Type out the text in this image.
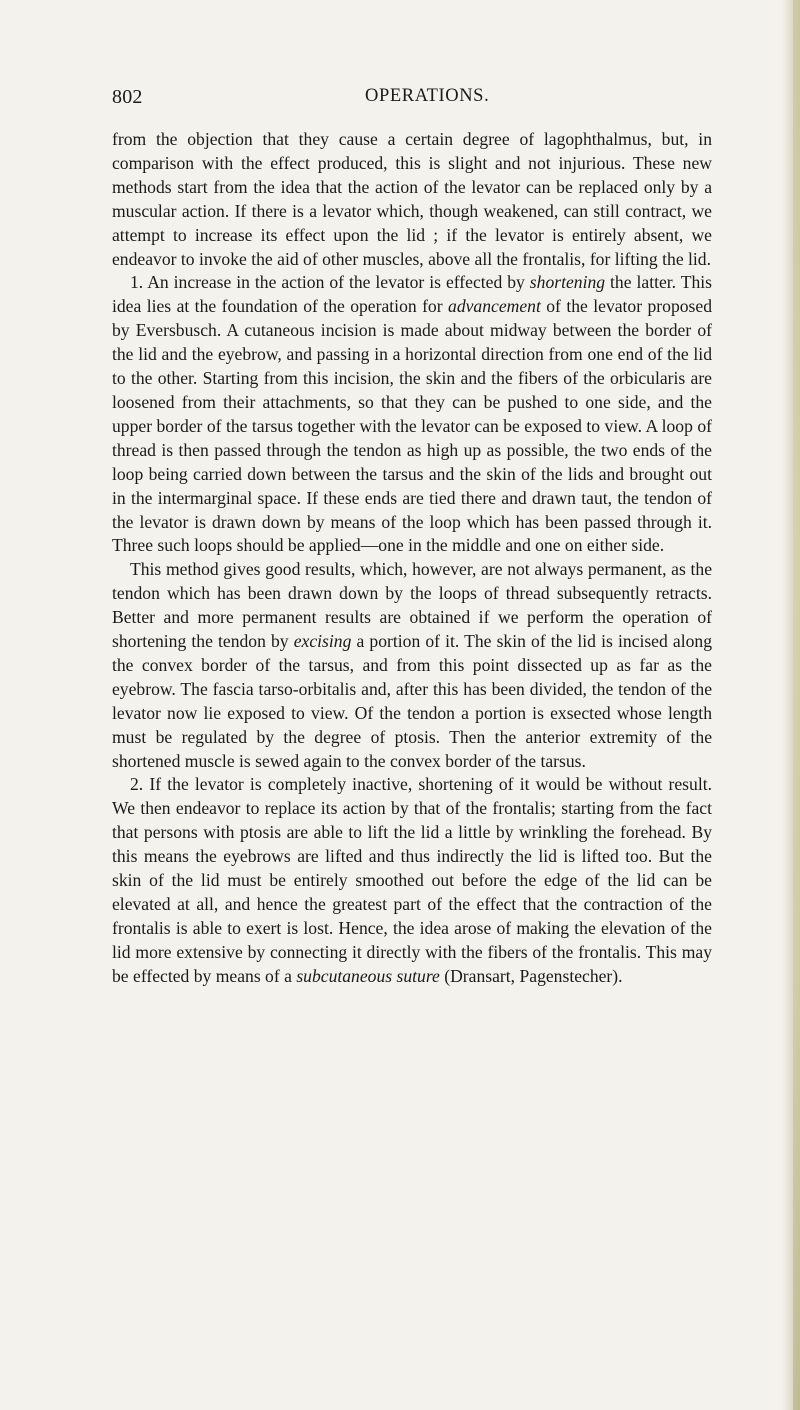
802	OPERATIONS.

from the objection that they cause a certain degree of lagophthalmus, but, in comparison with the effect produced, this is slight and not injurious. These new methods start from the idea that the action of the levator can be replaced only by a muscular action. If there is a levator which, though weakened, can still contract, we attempt to increase its effect upon the lid ; if the levator is entirely absent, we endeavor to invoke the aid of other muscles, above all the frontalis, for lifting the lid.

1. An increase in the action of the levator is effected by shortening the latter. This idea lies at the foundation of the operation for advancement of the levator proposed by Eversbusch. A cutaneous incision is made about midway between the border of the lid and the eyebrow, and passing in a horizontal direction from one end of the lid to the other. Starting from this incision, the skin and the fibers of the orbicularis are loosened from their attachments, so that they can be pushed to one side, and the upper border of the tarsus together with the levator can be exposed to view. A loop of thread is then passed through the tendon as high up as possible, the two ends of the loop being carried down between the tarsus and the skin of the lids and brought out in the intermarginal space. If these ends are tied there and drawn taut, the tendon of the levator is drawn down by means of the loop which has been passed through it. Three such loops should be applied—one in the middle and one on either side.

This method gives good results, which, however, are not always permanent, as the tendon which has been drawn down by the loops of thread subsequently retracts. Better and more permanent results are obtained if we perform the operation of shortening the tendon by excising a portion of it. The skin of the lid is incised along the convex border of the tarsus, and from this point dissected up as far as the eyebrow. The fascia tarso-orbitalis and, after this has been divided, the tendon of the levator now lie exposed to view. Of the tendon a portion is exsected whose length must be regulated by the degree of ptosis. Then the anterior extremity of the shortened muscle is sewed again to the convex border of the tarsus.

2. If the levator is completely inactive, shortening of it would be without result. We then endeavor to replace its action by that of the frontalis; starting from the fact that persons with ptosis are able to lift the lid a little by wrinkling the forehead. By this means the eyebrows are lifted and thus indirectly the lid is lifted too. But the skin of the lid must be entirely smoothed out before the edge of the lid can be elevated at all, and hence the greatest part of the effect that the contraction of the frontalis is able to exert is lost. Hence, the idea arose of making the elevation of the lid more extensive by connecting it directly with the fibers of the frontalis. This may be effected by means of a subcutaneous suture (Dransart, Pagenstecher).
